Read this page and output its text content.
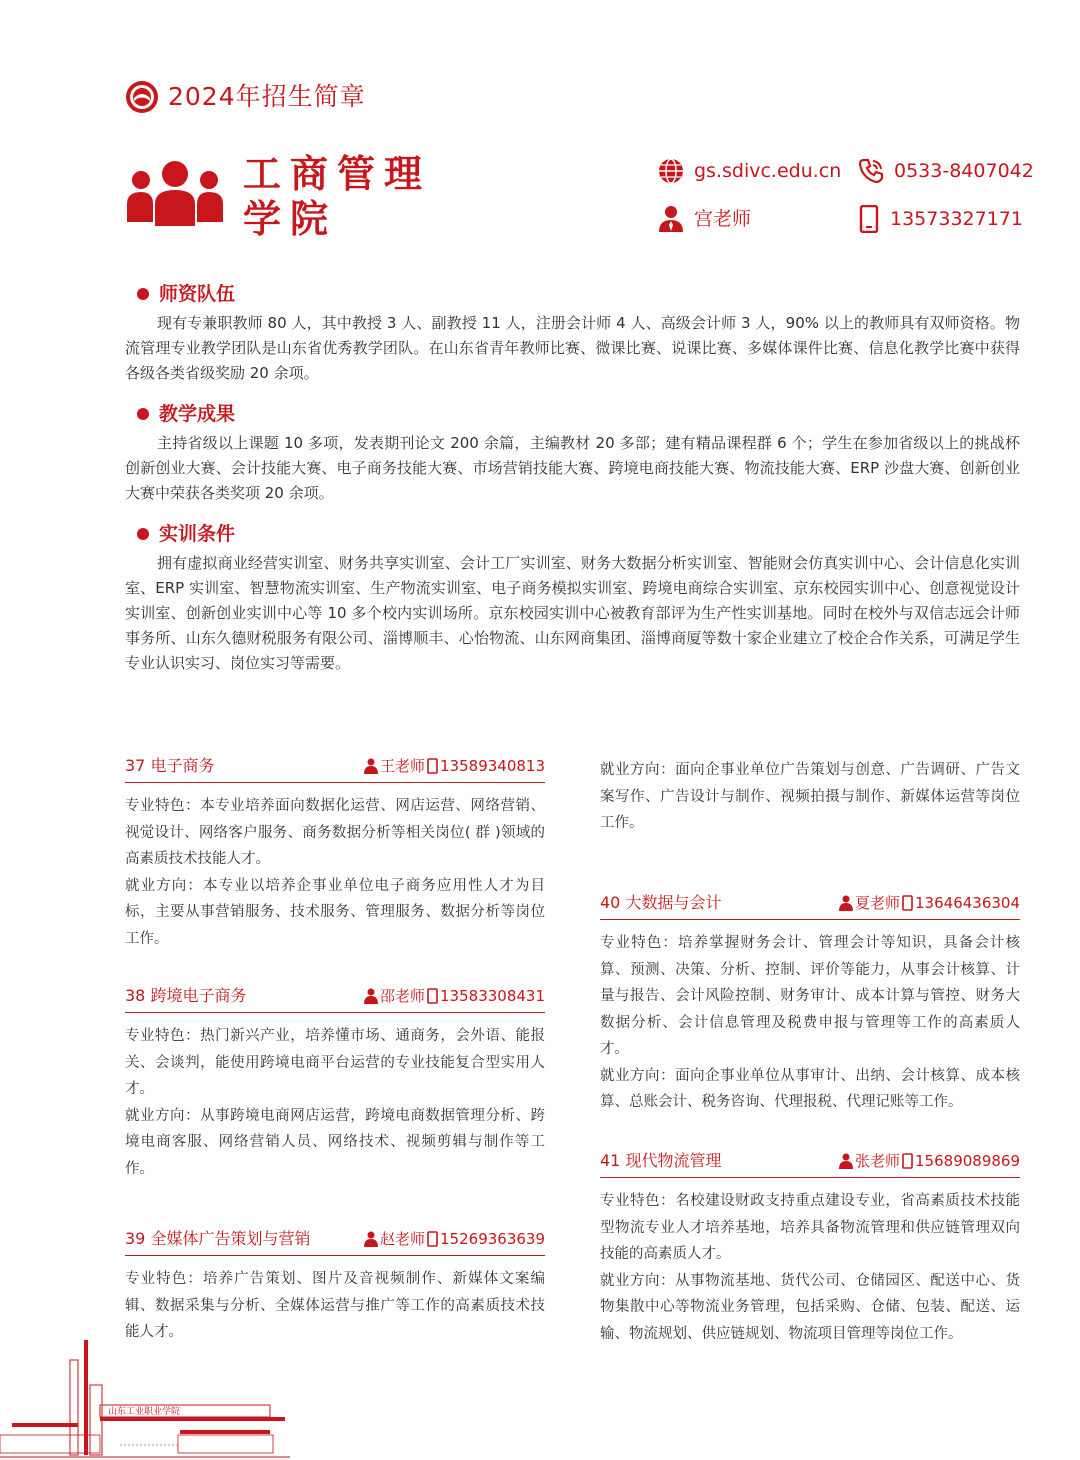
2024年招生简章
工商管理
学院
gs.sdivc.edu.cn	0533-8407042
宫老师	13573327171
师资队伍
现有专兼职教师 80 人，其中教授 3 人、副教授 11 人，注册会计师 4 人、高级会计师 3 人，90% 以上的教师具有双师资格。物流管理专业教学团队是山东省优秀教学团队。在山东省青年教师比赛、微课比赛、说课比赛、多媒体课件比赛、信息化教学比赛中获得各级各类省级奖励 20 余项。
教学成果
主持省级以上课题 10 多项，发表期刊论文 200 余篇，主编教材 20 多部；建有精品课程群 6 个；学生在参加省级以上的挑战杯创新创业大赛、会计技能大赛、电子商务技能大赛、市场营销技能大赛、跨境电商技能大赛、物流技能大赛、ERP 沙盘大赛、创新创业大赛中荣获各类奖项 20 余项。
实训条件
拥有虚拟商业经营实训室、财务共享实训室、会计工厂实训室、财务大数据分析实训室、智能财会仿真实训中心、会计信息化实训室、ERP 实训室、智慧物流实训室、生产物流实训室、电子商务模拟实训室、跨境电商综合实训室、京东校园实训中心、创意视觉设计实训室、创新创业实训中心等 10 多个校内实训场所。京东校园实训中心被教育部评为生产性实训基地。同时在校外与双信志远会计师事务所、山东久德财税服务有限公司、淄博顺丰、心怡物流、山东网商集团、淄博商厦等数十家企业建立了校企合作关系，可满足学生专业认识实习、岗位实习等需要。
37 电子商务	王老师 13589340813

专业特色：本专业培养面向数据化运营、网店运营、网络营销、视觉设计、网络客户服务、商务数据分析等相关岗位( 群 )领域的高素质技术技能人才。

就业方向：本专业以培养企事业单位电子商务应用性人才为目标，主要从事营销服务、技术服务、管理服务、数据分析等岗位工作。

38 跨境电子商务	邵老师 13583308431

专业特色：热门新兴产业，培养懂市场、通商务，会外语、能报关、会谈判，能使用跨境电商平台运营的专业技能复合型实用人才。

就业方向：从事跨境电商网店运营，跨境电商数据管理分析、跨境电商客服、网络营销人员、网络技术、视频剪辑与制作等工作。

39 全媒体广告策划与营销	赵老师 15269363639

专业特色：培养广告策划、图片及音视频制作、新媒体文案编辑、数据采集与分析、全媒体运营与推广等工作的高素质技术技能人才。

就业方向：面向企事业单位广告策划与创意、广告调研、广告文案写作、广告设计与制作、视频拍摄与制作、新媒体运营等岗位工作。

40 大数据与会计	夏老师 13646436304

专业特色：培养掌握财务会计、管理会计等知识，具备会计核算、预测、决策、分析、控制、评价等能力，从事会计核算、计量与报告、会计风险控制、财务审计、成本计算与管控、财务大数据分析、会计信息管理及税费申报与管理等工作的高素质人才。

就业方向：面向企事业单位从事审计、出纳、会计核算、成本核算、总账会计、税务咨询、代理报税、代理记账等工作。

41 现代物流管理	张老师 15689089869

专业特色：名校建设财政支持重点建设专业，省高素质技术技能型物流专业人才培养基地，培养具备物流管理和供应链管理双向技能的高素质人才。

就业方向：从事物流基地、货代公司、仓储园区、配送中心、货物集散中心等物流业务管理，包括采购、仓储、包装、配送、运输、物流规划、供应链规划、物流项目管理等岗位工作。

山东工业职业学院
